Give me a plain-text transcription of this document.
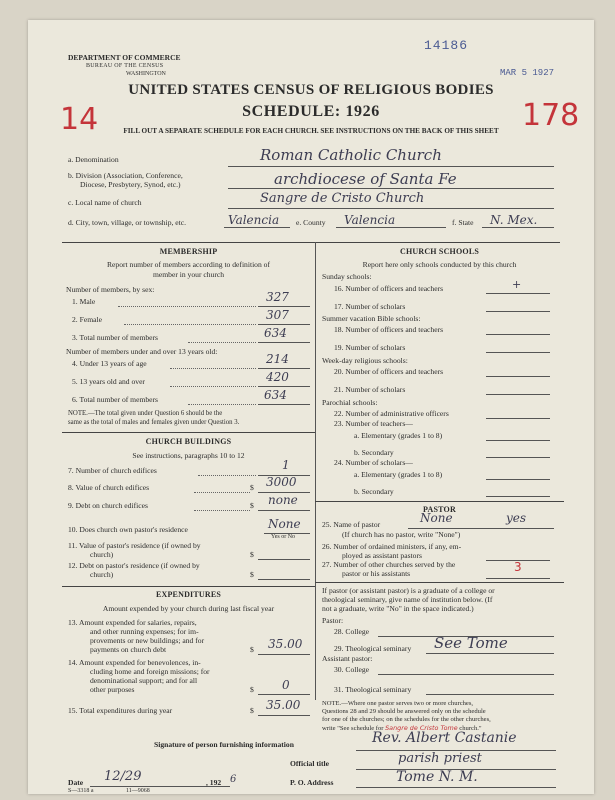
14186
MAR 5 1927
14	178
DEPARTMENT OF COMMERCE
BUREAU OF THE CENSUS
WASHINGTON
UNITED STATES CENSUS OF RELIGIOUS BODIES
SCHEDULE: 1926
FILL OUT A SEPARATE SCHEDULE FOR EACH CHURCH. SEE INSTRUCTIONS ON THE BACK OF THIS SHEET
a. Denomination	Roman Catholic Church
b. Division (Association, Conference,
Diocese, Presbytery, Synod, etc.)	archdiocese of Santa Fe
c. Local name of church	Sangre de Cristo Church
d. City, town, village, or township, etc.	Valencia e. County Valencia	f. State N. Mex.
MEMBERSHIP
Report number of members according to definition of
member in your church
Number of members, by sex:
1. Male	327
2. Female	307
3. Total number of members	634
Number of members under and over 13 years old:
4. Under 13 years of age	214
5. 13 years old and over	420
6. Total number of members	634
NOTE.—The total given under Question 6 should be the
same as the total of males and females given under Question 3.
CHURCH BUILDINGS
See instructions, paragraphs 10 to 12
7. Number of church edifices	1
8. Value of church edifices	$ 3000
9. Debt on church edifices	$ none
10. Does church own pastor's residence	None
Yes or No
11. Value of pastor's residence (if owned by
church)	$
12. Debt on pastor's residence (if owned by
church)	$
EXPENDITURES
Amount expended by your church during last fiscal year
13. Amount expended for salaries, repairs,
and other running expenses; for im-
provements or new buildings; and for
payments on church debt	$ 35.00
14. Amount expended for benevolences, in-
cluding home and foreign missions; for
denominational support; and for all
other purposes	$ 0
15. Total expenditures during year	$ 35.00
CHURCH SCHOOLS
Report here only schools conducted by this church
Sunday schools:
16. Number of officers and teachers	+
17. Number of scholars
Summer vacation Bible schools:
18. Number of officers and teachers
19. Number of scholars
Week-day religious schools:
20. Number of officers and teachers
21. Number of scholars
Parochial schools:
22. Number of administrative officers
23. Number of teachers—
a. Elementary (grades 1 to 8)
b. Secondary
24. Number of scholars—
a. Elementary (grades 1 to 8)
b. Secondary
PASTOR
25. Name of pastor	None	yes
(If church has no pastor, write "None")
26. Number of ordained ministers, if any, em-
ployed as assistant pastors
27. Number of other churches served by the
pastor or his assistants	3
If pastor (or assistant pastor) is a graduate of a college or
theological seminary, give name of institution below. (If
not a graduate, write "No" in the space indicated.)
Pastor:
28. College
29. Theological seminary See Tome
Assistant pastor:
30. College
31. Theological seminary
NOTE.—Where one pastor serves two or more churches,
Questions 28 and 29 should be answered only on the schedule
for one of the churches; on the schedules for the other churches,
write "See schedule for Sangre de Cristo Tome church."
Signature of person furnishing information	Rev. Albert Castanie
Official title	parish priest
Date 12/29	, 192 6
S—3318 a	11—9068
P. O. Address	Tome N. M.
